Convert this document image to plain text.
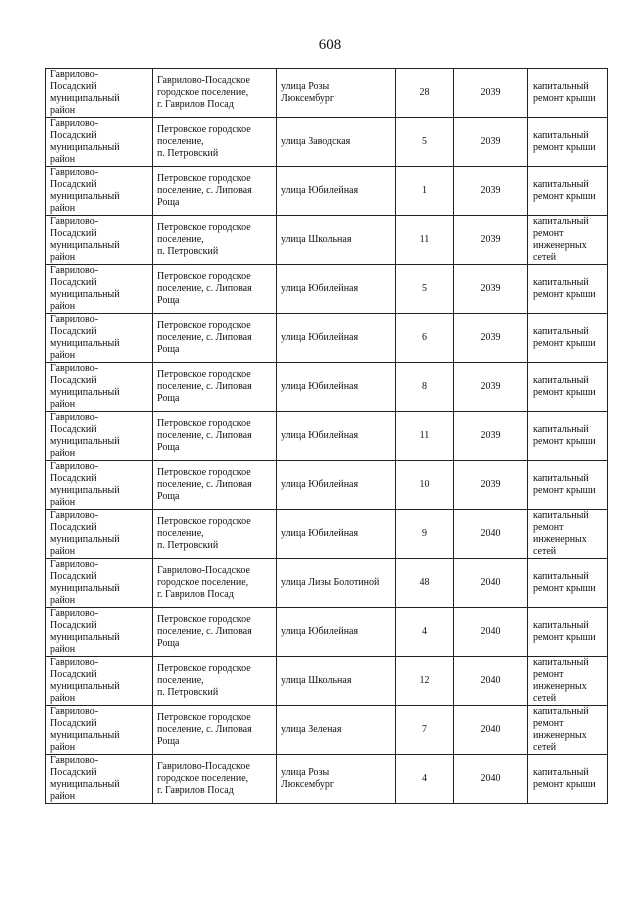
608
Гаврилово-
Посадский
муниципальный
район	Гаврилово-Посадское
городское поселение,
г. Гаврилов Посад	улица Розы
Люксембург	28	2039	капитальный
ремонт крыши
Гаврилово-
Посадский
муниципальный
район	Петровское городское
поселение,
п. Петровский	улица Заводская	5	2039	капитальный
ремонт крыши
Гаврилово-
Посадский
муниципальный
район	Петровское городское
поселение, с. Липовая
Роща	улица Юбилейная	1	2039	капитальный
ремонт крыши
Гаврилово-
Посадский
муниципальный
район	Петровское городское
поселение,
п. Петровский	улица Школьная	11	2039	капитальный
ремонт
инженерных
сетей
Гаврилово-
Посадский
муниципальный
район	Петровское городское
поселение, с. Липовая
Роща	улица Юбилейная	5	2039	капитальный
ремонт крыши
Гаврилово-
Посадский
муниципальный
район	Петровское городское
поселение, с. Липовая
Роща	улица Юбилейная	6	2039	капитальный
ремонт крыши
Гаврилово-
Посадский
муниципальный
район	Петровское городское
поселение, с. Липовая
Роща	улица Юбилейная	8	2039	капитальный
ремонт крыши
Гаврилово-
Посадский
муниципальный
район	Петровское городское
поселение, с. Липовая
Роща	улица Юбилейная	11	2039	капитальный
ремонт крыши
Гаврилово-
Посадский
муниципальный
район	Петровское городское
поселение, с. Липовая
Роща	улица Юбилейная	10	2039	капитальный
ремонт крыши
Гаврилово-
Посадский
муниципальный
район	Петровское городское
поселение,
п. Петровский	улица Юбилейная	9	2040	капитальный
ремонт
инженерных
сетей
Гаврилово-
Посадский
муниципальный
район	Гаврилово-Посадское
городское поселение,
г. Гаврилов Посад	улица Лизы Болотиной	48	2040	капитальный
ремонт крыши
Гаврилово-
Посадский
муниципальный
район	Петровское городское
поселение, с. Липовая
Роща	улица Юбилейная	4	2040	капитальный
ремонт крыши
Гаврилово-
Посадский
муниципальный
район	Петровское городское
поселение,
п. Петровский	улица Школьная	12	2040	капитальный
ремонт
инженерных
сетей
Гаврилово-
Посадский
муниципальный
район	Петровское городское
поселение, с. Липовая
Роща	улица Зеленая	7	2040	капитальный
ремонт
инженерных
сетей
Гаврилово-
Посадский
муниципальный
район	Гаврилово-Посадское
городское поселение,
г. Гаврилов Посад	улица Розы
Люксембург	4	2040	капитальный
ремонт крыши
